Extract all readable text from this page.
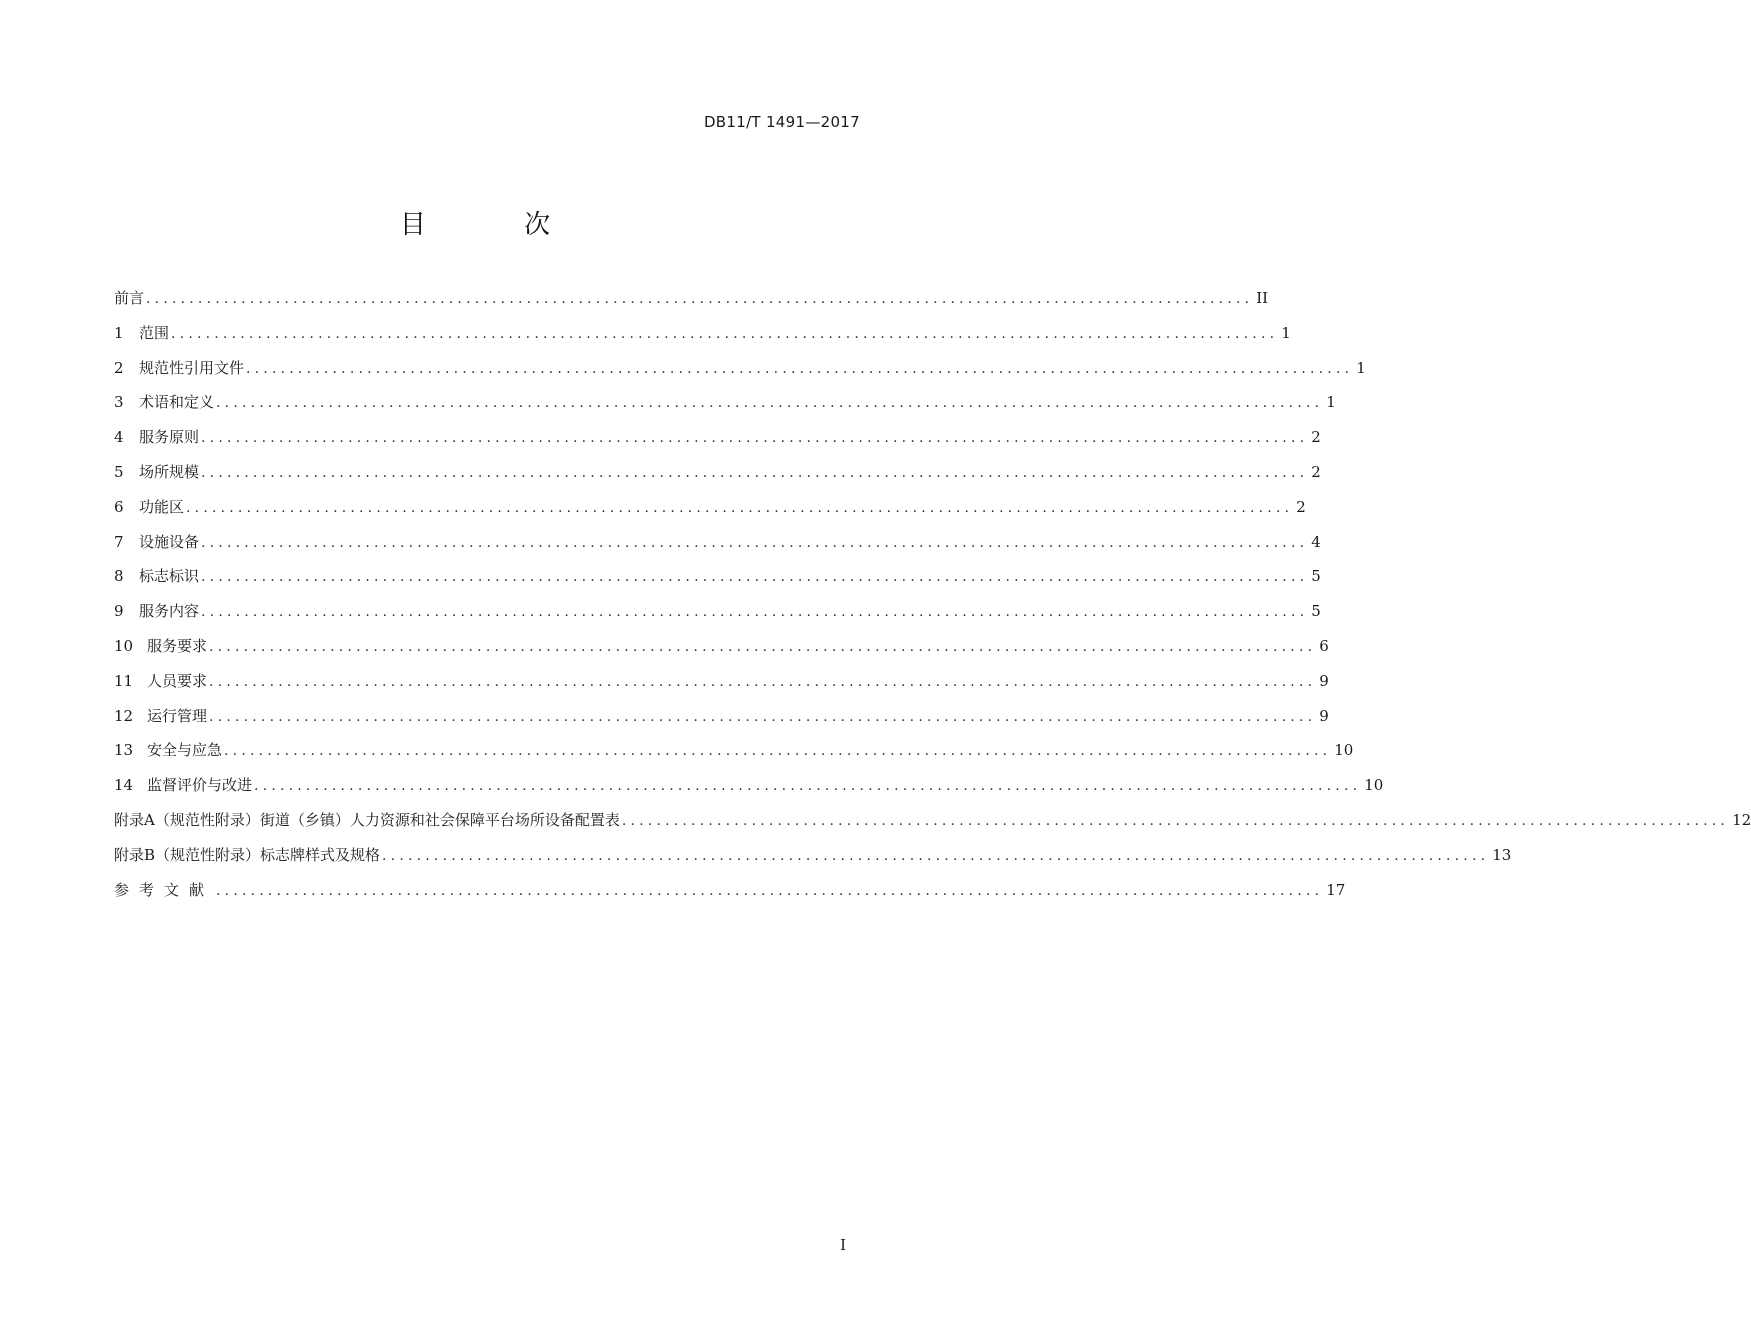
DB11/T 1491—2017
目 次
前言 ................................................................................................................................ II
1	范围 ................................................................................................................................ 1
2	规范性引用文件 ................................................................................................................................ 1
3	术语和定义 ................................................................................................................................ 1
4	服务原则 ................................................................................................................................ 2
5	场所规模 ................................................................................................................................ 2
6	功能区 ................................................................................................................................ 2
7	设施设备 ................................................................................................................................ 4
8	标志标识 ................................................................................................................................ 5
9	服务内容 ................................................................................................................................ 5
10 服务要求 ................................................................................................................................ 6
11 人员要求 ................................................................................................................................ 9
12 运行管理 ................................................................................................................................ 9
13 安全与应急 ................................................................................................................................ 10
14 监督评价与改进 ................................................................................................................................ 10
附录A（规范性附录）街道（乡镇）人力资源和社会保障平台场所设备配置表 ................................................................................................................................ 12
附录B（规范性附录）标志牌样式及规格 ................................................................................................................................ 13
参考文献 ................................................................................................................................ 17
I
